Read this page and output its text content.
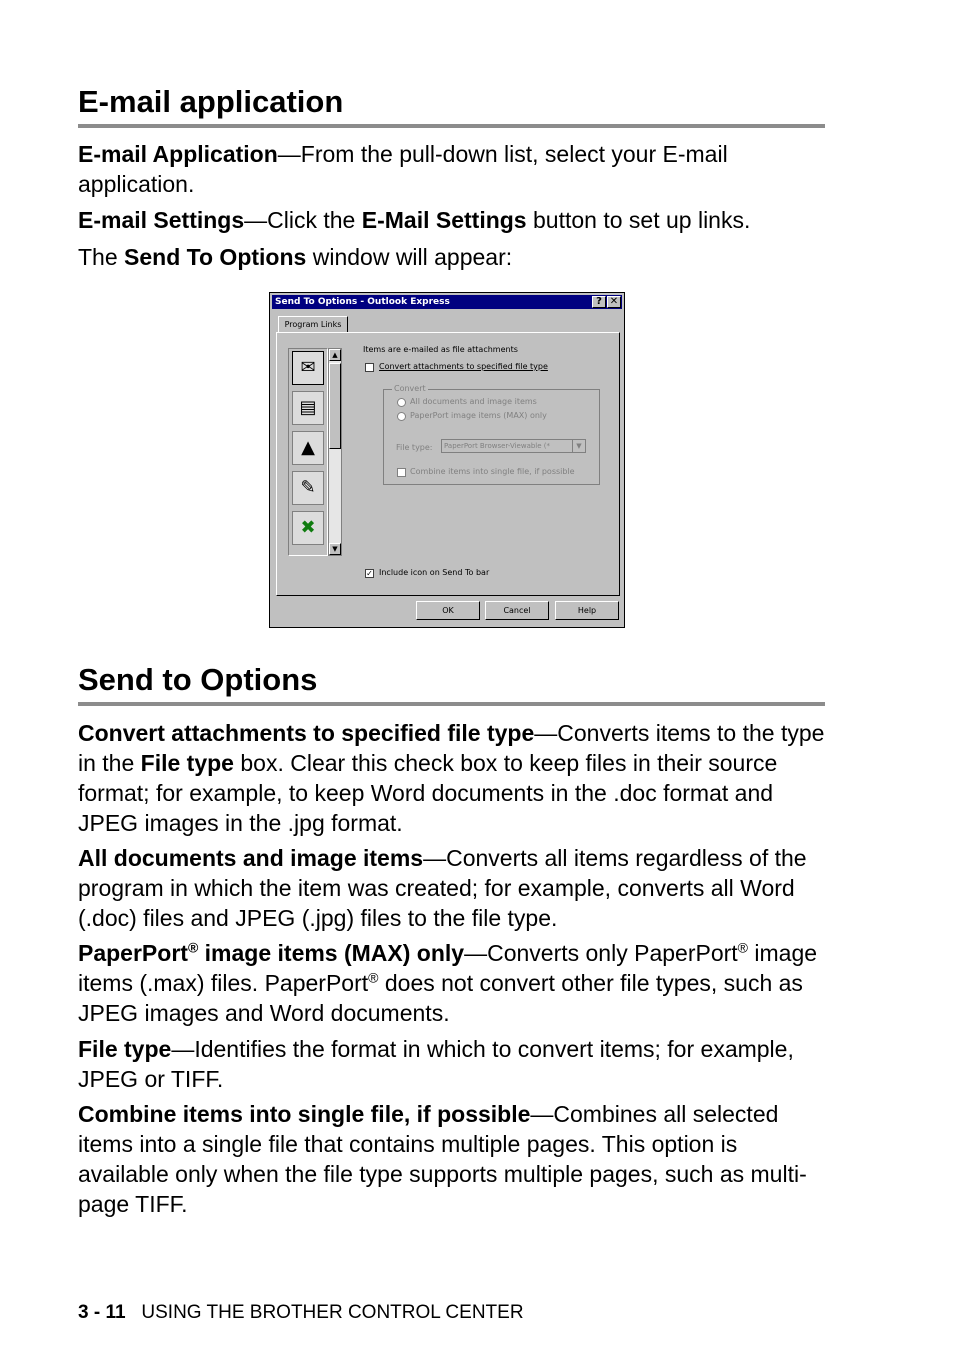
E-mail application

E-mail Application—From the pull-down list, select your E-mail application.

E-mail Settings—Click the E-Mail Settings button to set up links.

The Send To Options window will appear:

Send To Options - Outlook Express	? ✕
Program Links
✉
▤
▲
✎
✖
▲
▼
Items are e-mailed as file attachments
Convert attachments to specified file type
Convert
All documents and image items
PaperPort image items (MAX) only
File type:
Combine items into single file, if possible
PaperPort Browser-Viewable (*	▼
✓ Include icon on Send To bar
OK	Cancel	Help
Send to Options

Convert attachments to specified file type—Converts items to the type in the File type box. Clear this check box to keep files in their source format; for example, to keep Word documents in the .doc format and JPEG images in the .jpg format.

All documents and image items—Converts all items regardless of the program in which the item was created; for example, converts all Word (.doc) files and JPEG (.jpg) files to the file type.

PaperPort® image items (MAX) only—Converts only PaperPort® image items (.max) files. PaperPort® does not convert other file types, such as JPEG images and Word documents.

File type—Identifies the format in which to convert items; for example, JPEG or TIFF.

Combine items into single file, if possible—Combines all selected items into a single file that contains multiple pages. This option is available only when the file type supports multiple pages, such as multi-page TIFF.

3 - 11 USING THE BROTHER CONTROL CENTER
